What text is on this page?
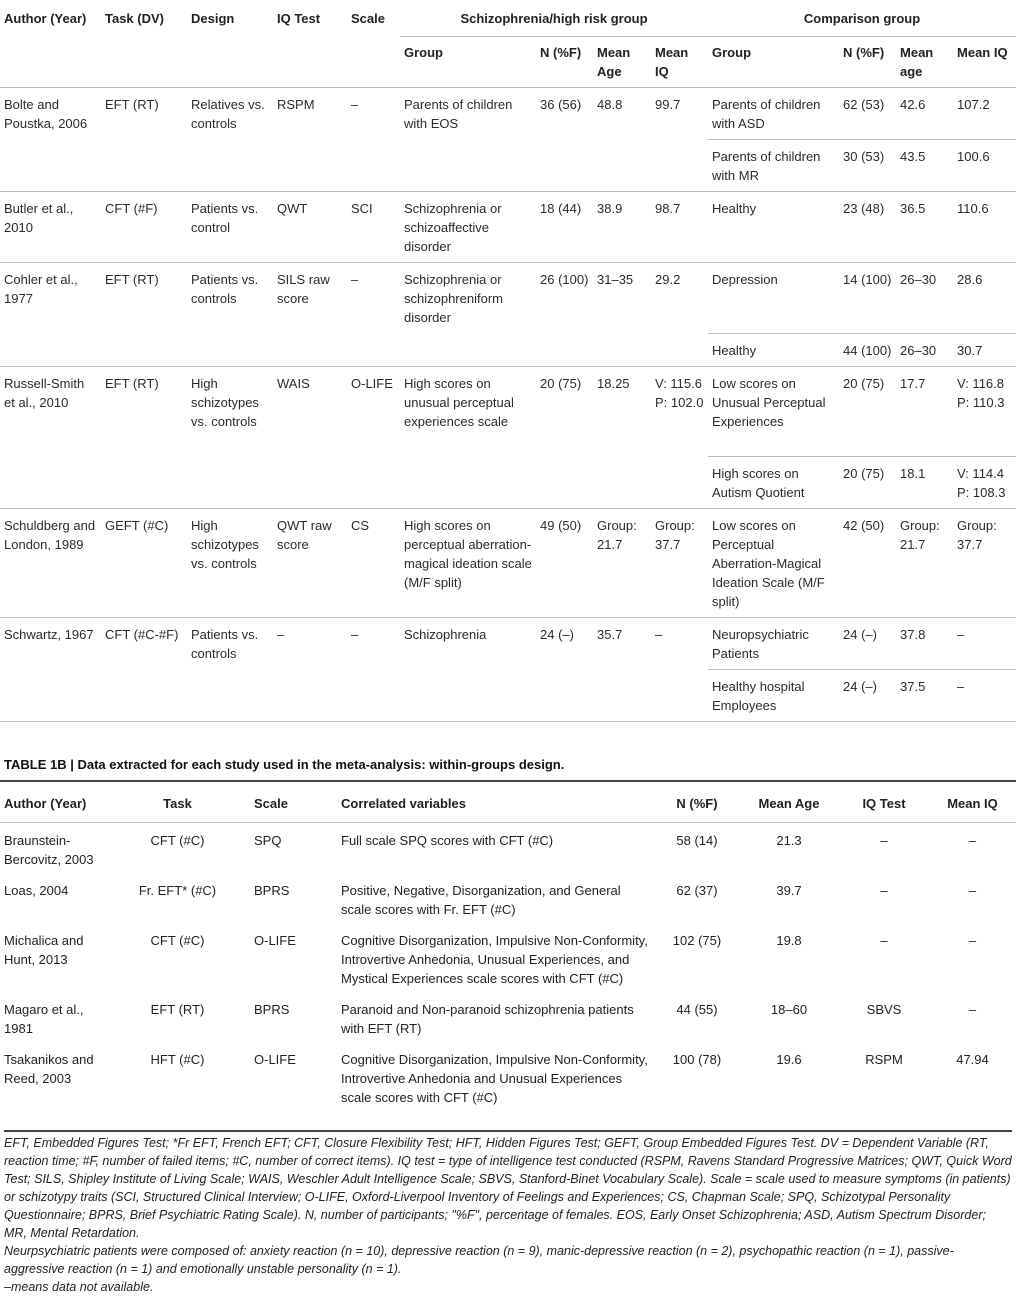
Author (Year)	Task (DV)	Design	IQ Test	Scale	Schizophrenia/high risk group				Comparison group			
					Group	N (%F)	Mean Age	Mean IQ	Group	N (%F)	Mean age	Mean IQ
Bolte and Poustka, 2006	EFT (RT)	Relatives vs. controls	RSPM	–	Parents of children with EOS	36 (56)	48.8	99.7	Parents of children with ASD	62 (53)	42.6	107.2
									Parents of children with MR	30 (53)	43.5	100.6
Butler et al., 2010	CFT (#F)	Patients vs. control	QWT	SCI	Schizophrenia or schizoaffective disorder	18 (44)	38.9	98.7	Healthy	23 (48)	36.5	110.6
Cohler et al., 1977	EFT (RT)	Patients vs. controls	SILS raw score	–	Schizophrenia or schizophreniform disorder	26 (100)	31–35	29.2	Depression	14 (100)	26–30	28.6
									Healthy	44 (100)	26–30	30.7
Russell-Smith et al., 2010	EFT (RT)	High schizotypes vs. controls	WAIS	O-LIFE	High scores on unusual perceptual experiences scale	20 (75)	18.25	V: 115.6 P: 102.0	Low scores on Unusual Perceptual Experiences	20 (75)	17.7	V: 116.8 P: 110.3
									High scores on Autism Quotient	20 (75)	18.1	V: 114.4 P: 108.3
Schuldberg and London, 1989	GEFT (#C)	High schizotypes vs. controls	QWT raw score	CS	High scores on perceptual aberration-magical ideation scale (M/F split)	49 (50)	Group: 21.7	Group: 37.7	Low scores on Perceptual Aberration-Magical Ideation Scale (M/F split)	42 (50)	Group: 21.7	Group: 37.7
Schwartz, 1967	CFT (#C-#F)	Patients vs. controls	–	–	Schizophrenia	24 (–)	35.7	–	Neuropsychiatric Patients	24 (–)	37.8	–
									Healthy hospital Employees	24 (–)	37.5	–
TABLE 1B | Data extracted for each study used in the meta-analysis: within-groups design.
Author (Year)	Task	Scale	Correlated variables	N (%F)	Mean Age	IQ Test	Mean IQ
Braunstein-Bercovitz, 2003	CFT (#C)	SPQ	Full scale SPQ scores with CFT (#C)	58 (14)	21.3	–	–
Loas, 2004	Fr. EFT* (#C)	BPRS	Positive, Negative, Disorganization, and General scale scores with Fr. EFT (#C)	62 (37)	39.7	–	–
Michalica and Hunt, 2013	CFT (#C)	O-LIFE	Cognitive Disorganization, Impulsive Non-Conformity, Introvertive Anhedonia, Unusual Experiences, and Mystical Experiences scale scores with CFT (#C)	102 (75)	19.8	–	–
Magaro et al., 1981	EFT (RT)	BPRS	Paranoid and Non-paranoid schizophrenia patients with EFT (RT)	44 (55)	18–60	SBVS	–
Tsakanikos and Reed, 2003	HFT (#C)	O-LIFE	Cognitive Disorganization, Impulsive Non-Conformity, Introvertive Anhedonia and Unusual Experiences scale scores with CFT (#C)	100 (78)	19.6	RSPM	47.94

EFT, Embedded Figures Test; *Fr EFT, French EFT; CFT, Closure Flexibility Test; HFT, Hidden Figures Test; GEFT, Group Embedded Figures Test. DV = Dependent Variable (RT, reaction time; #F, number of failed items; #C, number of correct items). IQ test = type of intelligence test conducted (RSPM, Ravens Standard Progressive Matrices; QWT, Quick Word Test; SILS, Shipley Institute of Living Scale; WAIS, Weschler Adult Intelligence Scale; SBVS, Stanford-Binet Vocabulary Scale). Scale = scale used to measure symptoms (in patients) or schizotypy traits (SCI, Structured Clinical Interview; O-LIFE, Oxford-Liverpool Inventory of Feelings and Experiences; CS, Chapman Scale; SPQ, Schizotypal Personality Questionnaire; BPRS, Brief Psychiatric Rating Scale). N, number of participants; "%F", percentage of females. EOS, Early Onset Schizophrenia; ASD, Autism Spectrum Disorder; MR, Mental Retardation.

Neurpsychiatric patients were composed of: anxiety reaction (n = 10), depressive reaction (n = 9), manic-depressive reaction (n = 2), psychopathic reaction (n = 1), passive-aggressive reaction (n = 1) and emotionally unstable personality (n = 1).

–means data not available.
